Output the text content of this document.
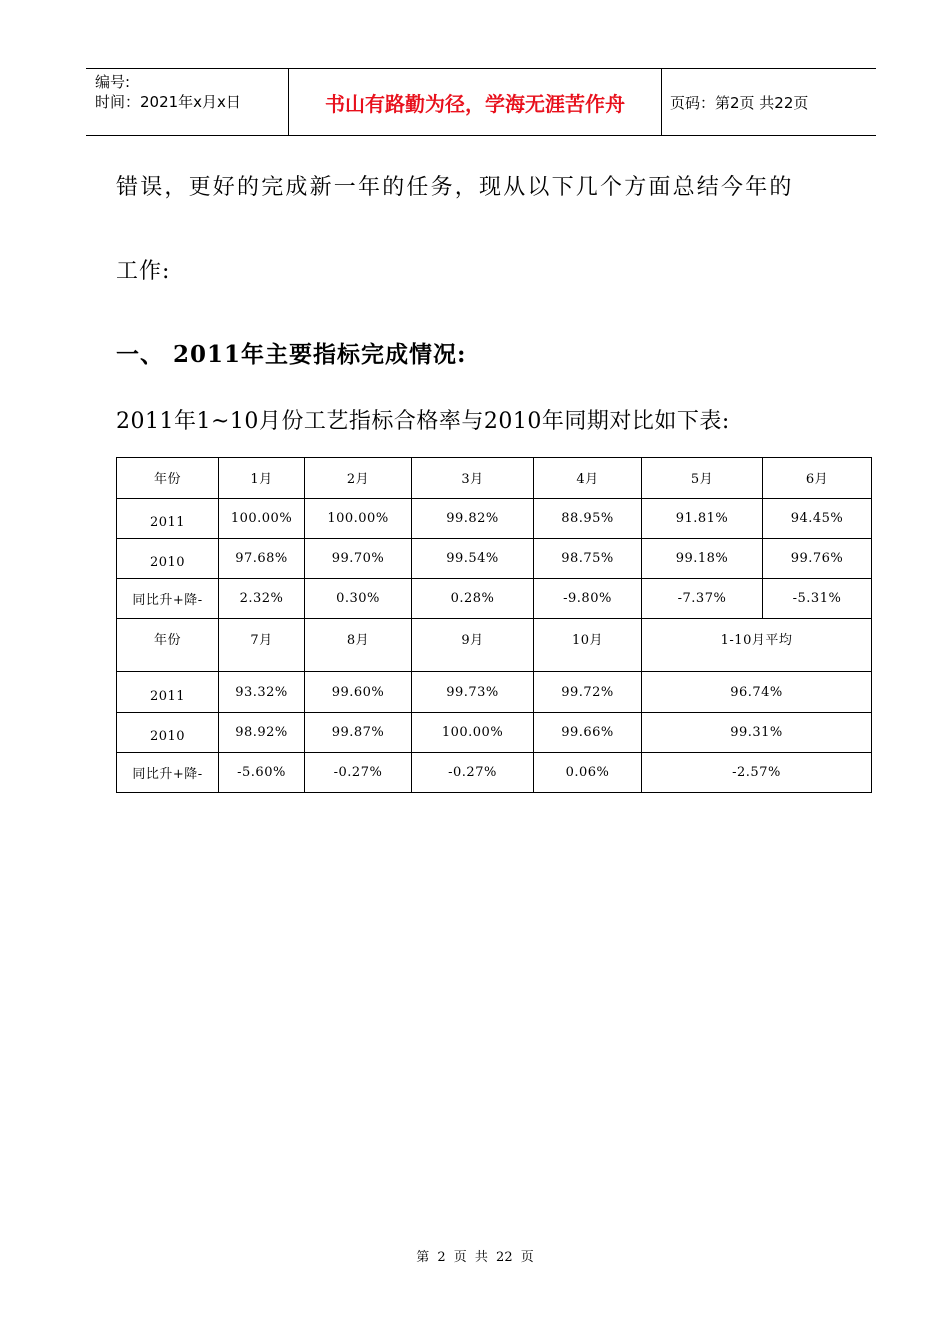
编号:
时间：2021年x月x日	书山有路勤为径，学海无涯苦作舟	页码：第2页 共22页
错误，更好的完成新一年的任务，现从以下几个方面总结今年的
工作:
一、 2011年主要指标完成情况:
2011年1~10月份工艺指标合格率与2010年同期对比如下表:
年份	1月	2月	3月	4月	5月	6月
2011	100.00%	100.00%	99.82%	88.95%	91.81%	94.45%
2010	97.68%	99.70%	99.54%	98.75%	99.18%	99.76%
同比升+降-	2.32%	0.30%	0.28%	-9.80%	-7.37%	-5.31%
年份	7月	8月	9月	10月	1-10月平均	
2011	93.32%	99.60%	99.73%	99.72%	96.74%	
2010	98.92%	99.87%	100.00%	99.66%	99.31%	
同比升+降-	-5.60%	-0.27%	-0.27%	0.06%	-2.57%	
第 2 页 共 22 页
